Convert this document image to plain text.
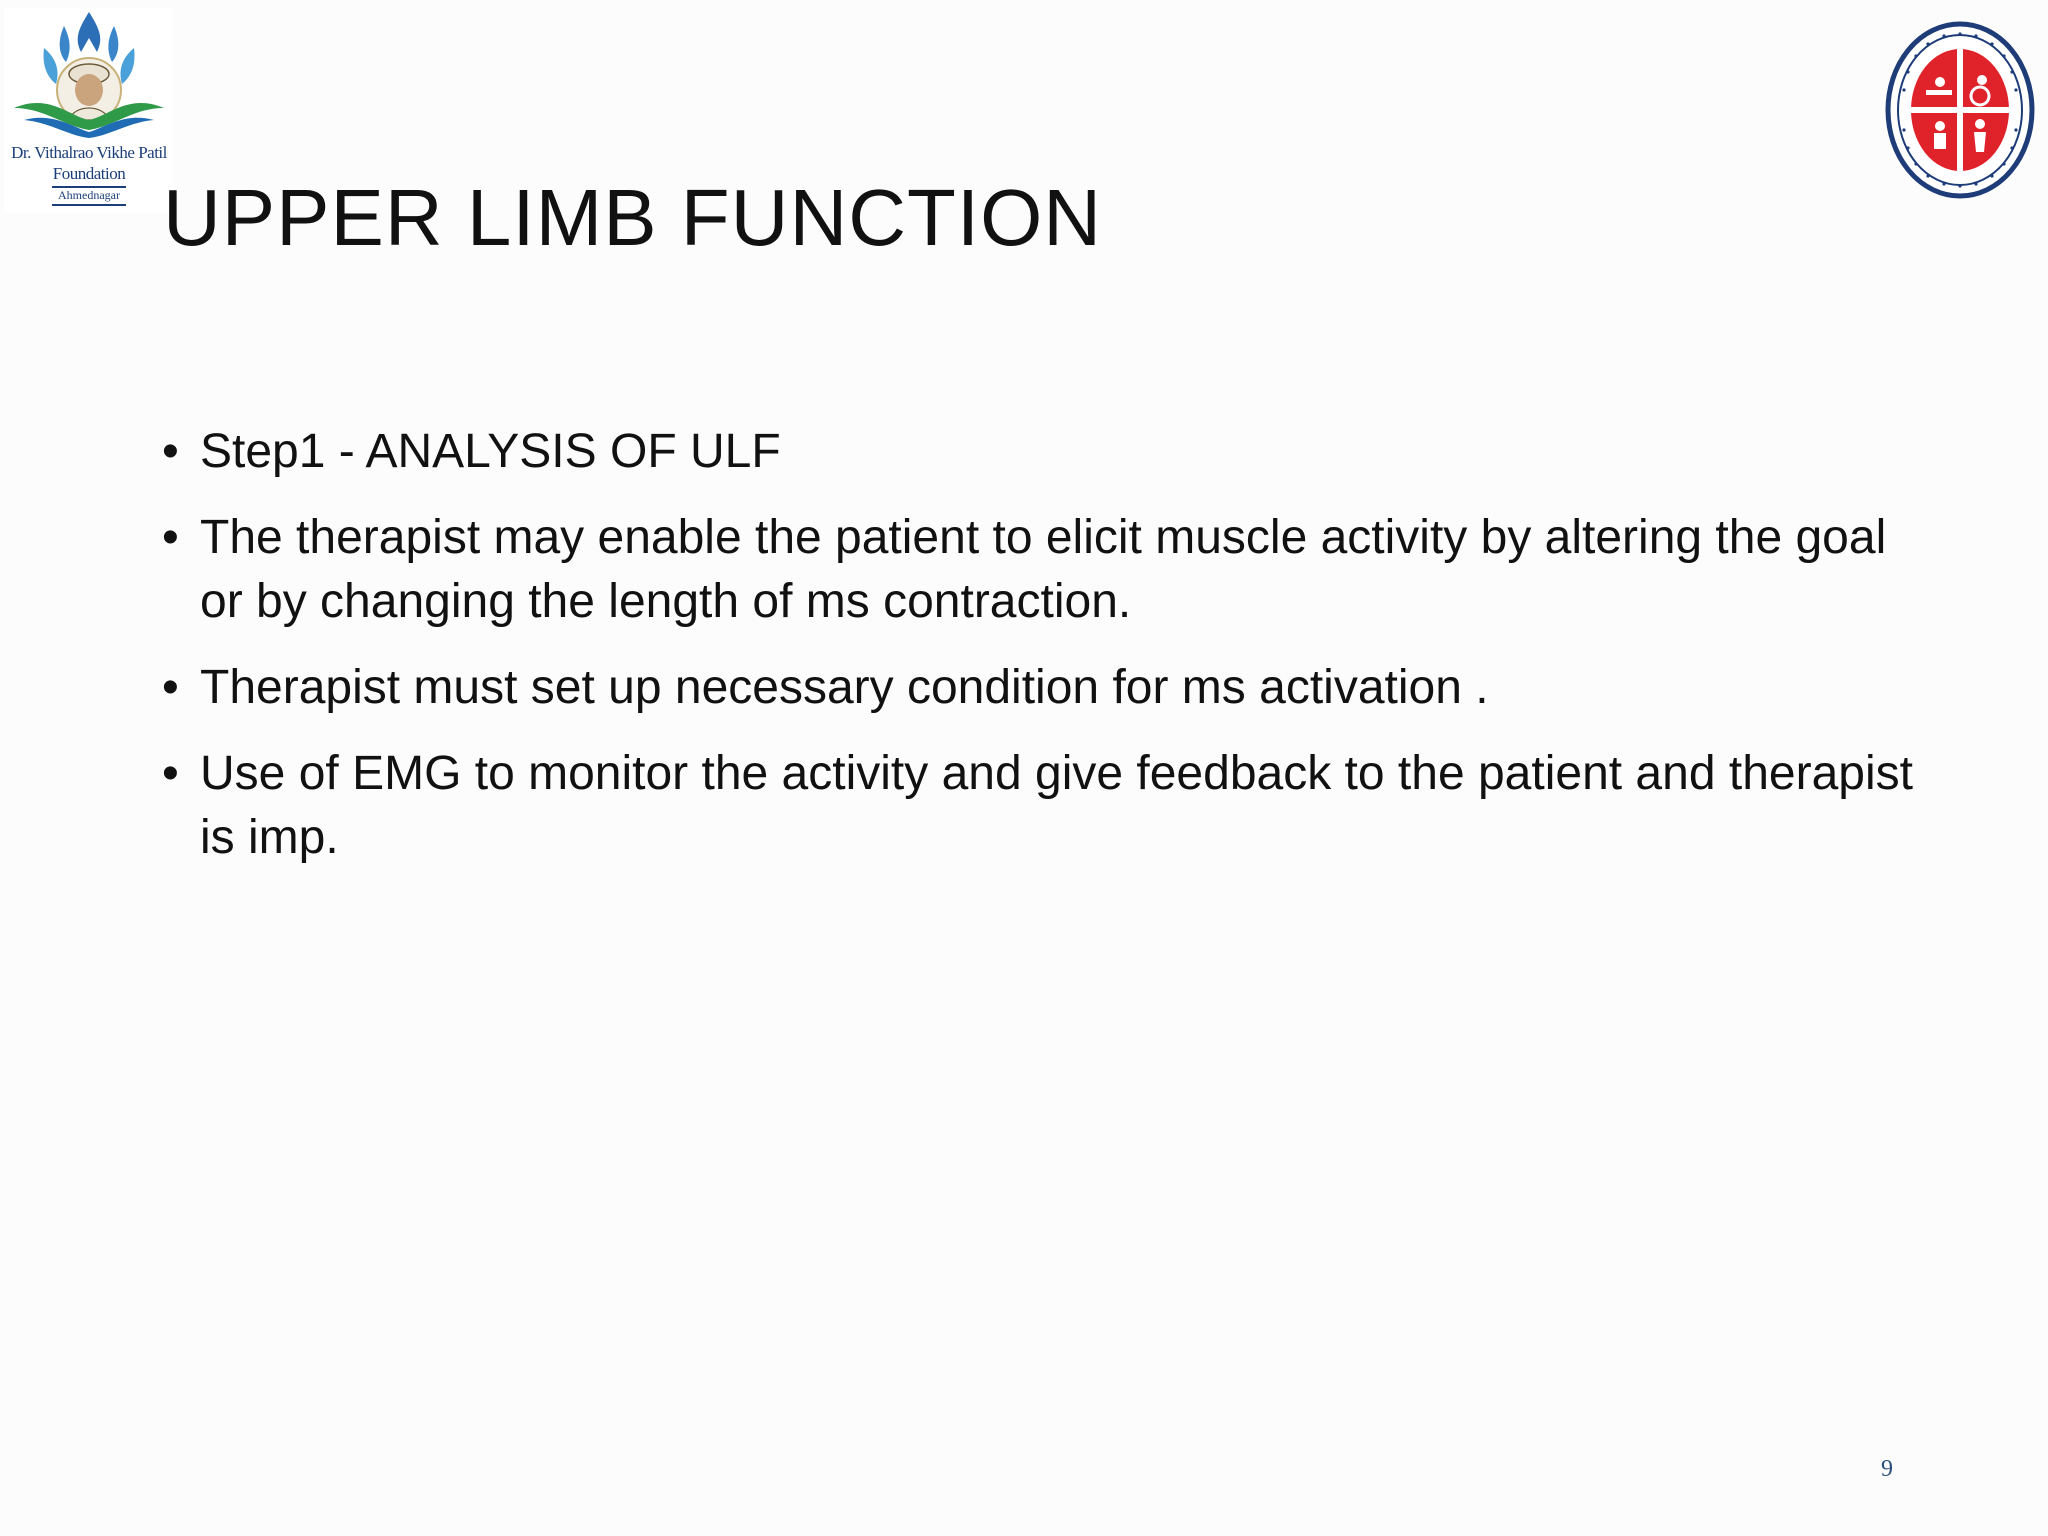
Dr. Vithalrao Vikhe Patil
Foundation
Ahmednagar UPPER LIMB FUNCTION
• Step1 - ANALYSIS OF ULF
• The therapist may enable the patient to elicit muscle activity by altering the goal or by changing the length of ms contraction.
• Therapist must set up necessary condition for ms activation .
• Use of EMG to monitor the activity and give feedback to the patient and therapist is imp.
9
